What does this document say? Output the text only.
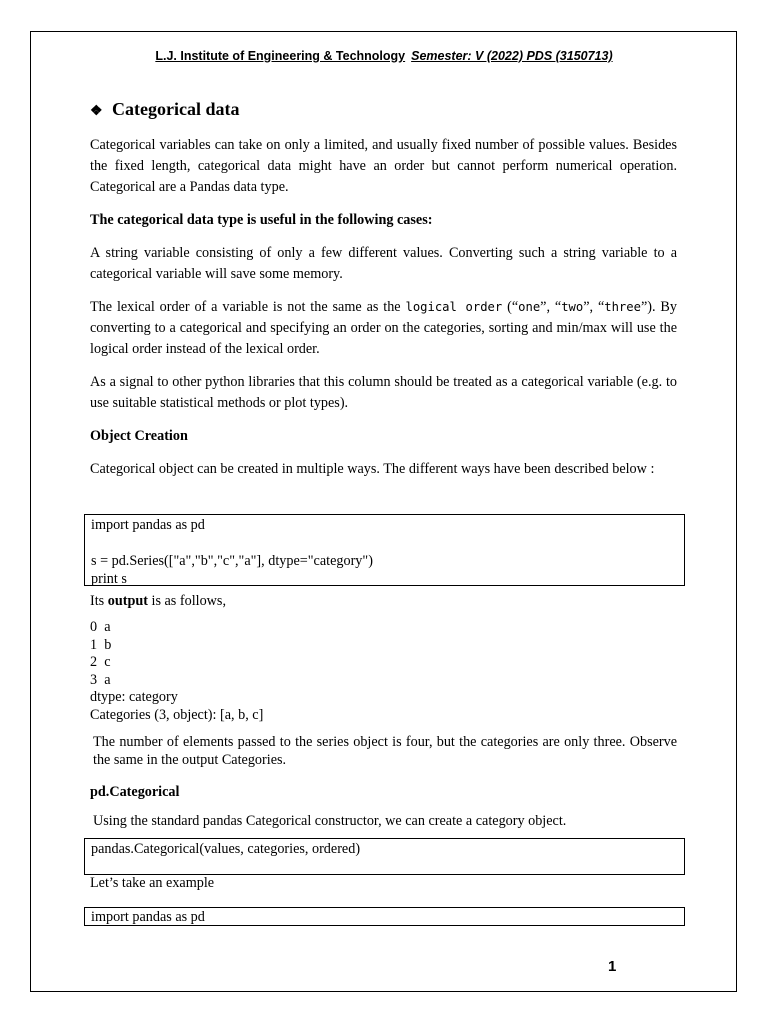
L.J. Institute of Engineering & Technology Semester: V (2022) PDS (3150713)
❖ Categorical data
Categorical variables can take on only a limited, and usually fixed number of possible values. Besides the fixed length, categorical data might have an order but cannot perform numerical operation. Categorical are a Pandas data type.
The categorical data type is useful in the following cases:
A string variable consisting of only a few different values. Converting such a string variable to a categorical variable will save some memory.
The lexical order of a variable is not the same as the logical order (“one”, “two”, “three”). By converting to a categorical and specifying an order on the categories, sorting and min/max will use the logical order instead of the lexical order.
As a signal to other python libraries that this column should be treated as a categorical variable (e.g. to use suitable statistical methods or plot types).
Object Creation
Categorical object can be created in multiple ways. The different ways have been described below :
import pandas as pd
s = pd.Series(["a","b","c","a"], dtype="category")
print s
Its output is as follows,
0  a
1  b
2  c
3  a
dtype: category
Categories (3, object): [a, b, c]
The number of elements passed to the series object is four, but the categories are only three. Observe the same in the output Categories.
pd.Categorical
Using the standard pandas Categorical constructor, we can create a category object.
pandas.Categorical(values, categories, ordered)
Let’s take an example
import pandas as pd
1
